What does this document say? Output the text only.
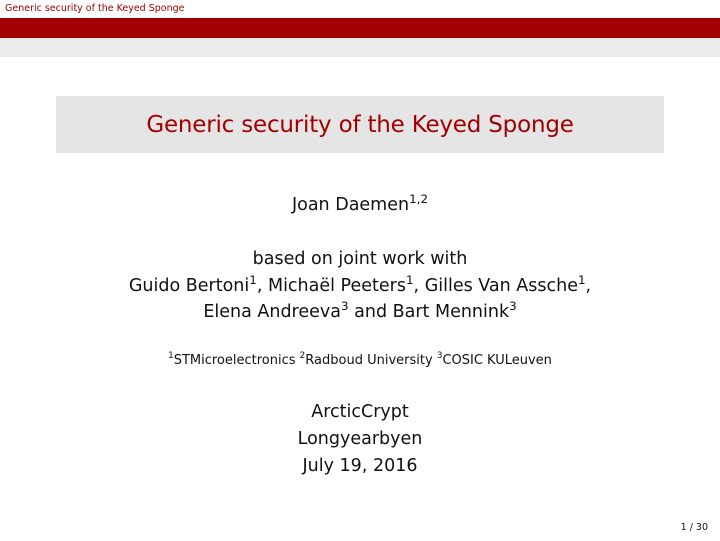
Generic security of the Keyed Sponge
Generic security of the Keyed Sponge
Joan Daemen$^{1,2}$
based on joint work with
Guido Bertoni$^1$, Michaël Peeters$^1$, Gilles Van Assche$^1$,
Elena Andreeva$^3$ and Bart Mennink$^3$
$^1$STMicroelectronics $^2$Radboud University $^3$COSIC KULeuven
ArcticCrypt
Longyearbyen
July 19, 2016
1 / 30
